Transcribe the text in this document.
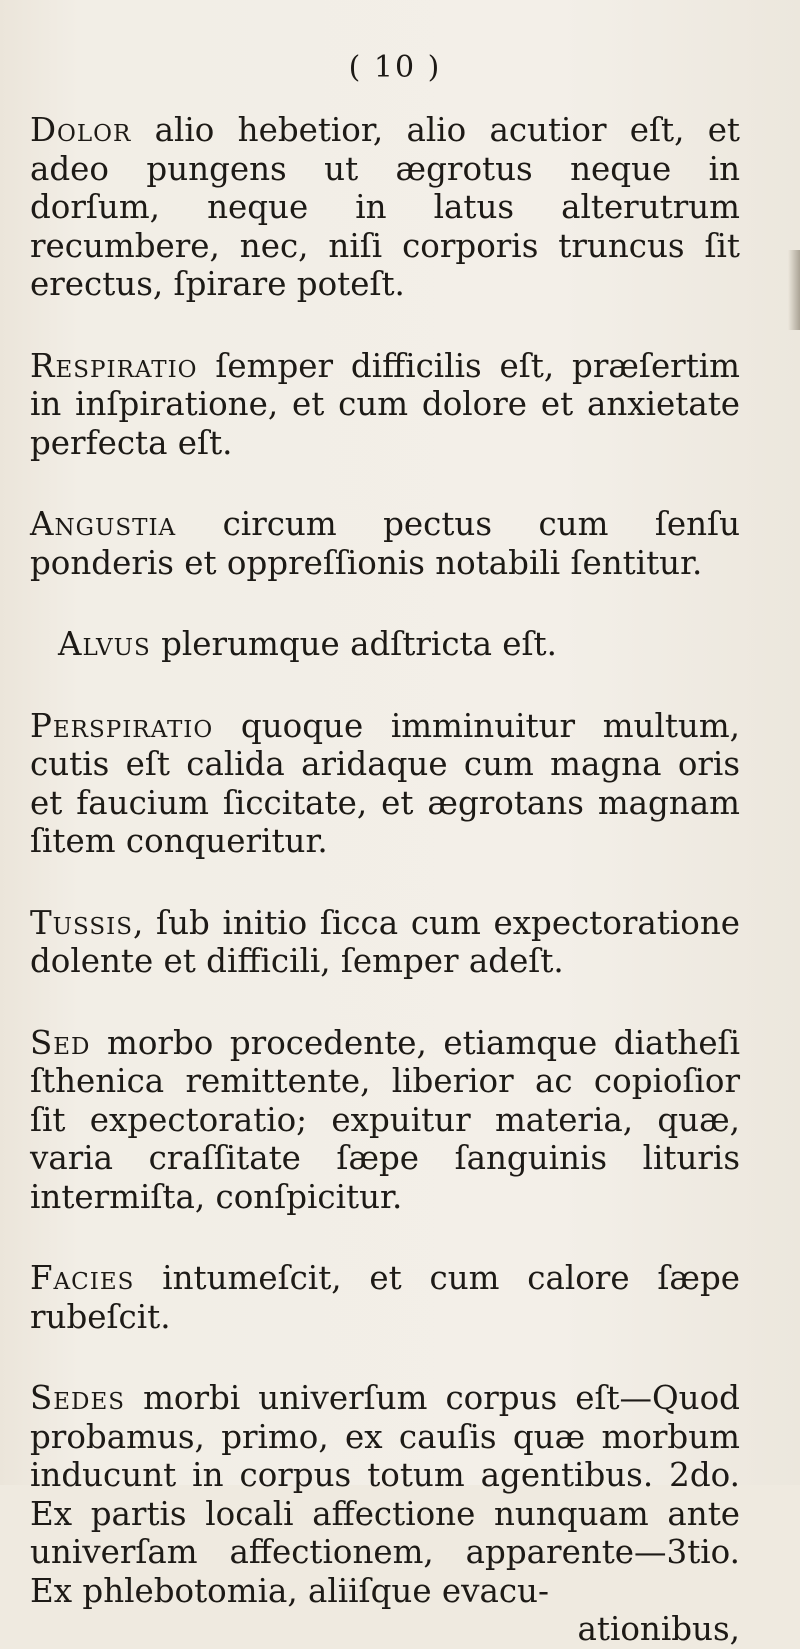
( 10 )

Dolor alio hebetior, alio acutior eſt, et adeo pungens ut ægrotus neque in dorſum, neque in latus alterutrum recumbere, nec, niſi corporis truncus ſit erectus, ſpirare poteſt.

Respiratio ſemper difficilis eſt, præſertim in inſpiratione, et cum dolore et anxietate perfecta eſt.

Angustia circum pectus cum ſenſu ponderis et oppreſſionis notabili ſentitur.

Alvus plerumque adſtricta eſt.

Perspiratio quoque imminuitur multum, cutis eſt calida aridaque cum magna oris et faucium ſiccitate, et ægrotans magnam ſitem conqueritur.

Tussis, ſub initio ſicca cum expectoratione dolente et difficili, ſemper adeſt.

Sed morbo procedente, etiamque diatheſi ſthenica remittente, liberior ac copioſior ſit expectoratio; expuitur materia, quæ, varia craſſitate ſæpe ſanguinis lituris intermiſta, conſpicitur.

Facies intumeſcit, et cum calore ſæpe rubeſcit.

Sedes morbi univerſum corpus eſt—Quod probamus, primo, ex cauſis quæ morbum inducunt in corpus totum agentibus. 2do. Ex partis locali affectione nunquam ante univerſam affectionem, apparente—3tio. Ex phlebotomia, aliiſque evacu-

ationibus,
